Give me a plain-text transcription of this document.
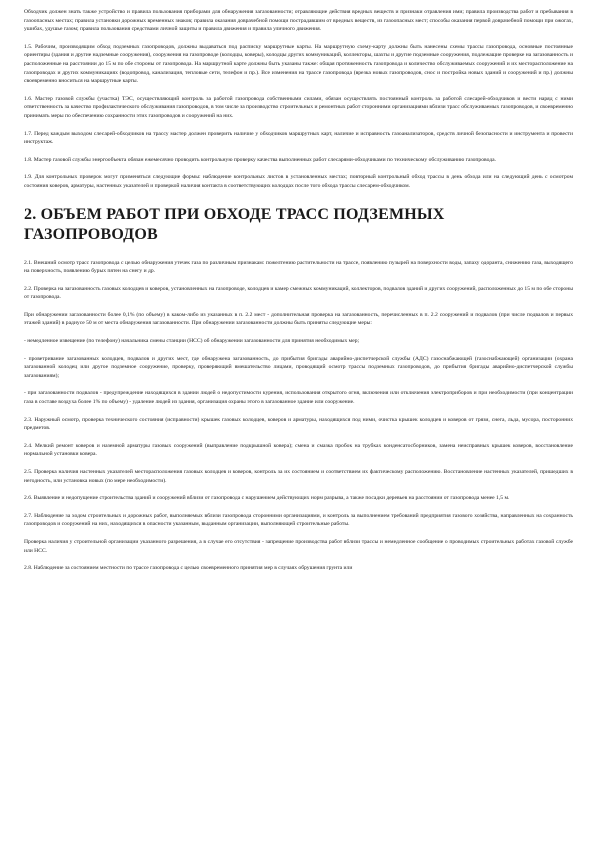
Обходчик должен знать также устройство и правила пользования приборами для обнаружения загазованности; отравляющие действия вредных веществ и признаки отравления ими; правила производства работ и пребывания в газоопасных местах; правила установки дорожных временных знаков; правила оказания доврачебной помощи пострадавшим от вредных веществ, из газоопасных мест; способы оказания первой доврачебной помощи при ожогах, ушибах, удушье газом; правила пользования средствами личной защиты и правила движения и правила уличного движения.

1.5. Рабочим, производящим обход подземных газопроводов, должны выдаваться под расписку маршрутные карты. На маршрутную схему-карту должны быть нанесены схемы трассы газопровода, основные постоянные ориентиры (здания и другие надземные сооружения), сооружения на газопроводе (колодцы, коверы), колодцы других коммуникаций, коллекторы, шахты и другие подземные сооружения, подлежащие проверке на загазованность и расположенные на расстоянии до 15 м по обе стороны от газопровода. На маршрутной карте должны быть указаны также: общая протяженность газопровода и количество обслуживаемых сооружений и их месторасположение на газопроводах и других коммуникациях (водопровод, канализация, тепловые сети, телефон и пр.). Все изменения на трассе газопровода (врезка новых газопроводов, снос и постройка новых зданий и сооружений и пр.) должны своевременно вноситься на маршрутные карты.

1.6. Мастер газовой службы (участка) ТЭС, осуществляющий контроль за работой газопровода собственными силами, обязан осуществлять постоянный контроль за работой слесарей-обходчиков и вести наряд с ними ответственность за качество профилактического обслуживания газопроводов, в том числе за производство строительных и ремонтных работ сторонними организациями вблизи трасс обслуживаемых газопроводов, и своевременно принимать меры по обеспечению сохранности этих газопроводов и сооружений на них.

1.7. Перед каждым выходом слесарей-обходчиков на трассу мастер должен проверить наличие у обходчиков маршрутных карт, наличие и исправность газоанализаторов, средств личной безопасности и инструмента и провести инструктаж.

1.8. Мастер газовой службы энергообъекта обязан ежемесячно проводить контрольную проверку качества выполненных работ слесарями-обходчиками по техническому обслуживанию газопровода.

1.9. Для контрольных проверок могут применяться следующие формы: наблюдение контрольных листов в установленных местах; повторный контрольный обход трассы в день обхода или на следующий день с осмотром состояния коверов, арматуры, настенных указателей и проверкой наличия контакта в соответствующих колодцах после того обхода трассы слесарем-обходчиком.

2. ОБЪЕМ РАБОТ ПРИ ОБХОДЕ ТРАСС ПОДЗЕМНЫХ ГАЗОПРОВОДОВ

2.1. Внешний осмотр трасс газопровода с целью обнаружения утечек газа по различным признакам: пожелтению растительности на трассе, появлению пузырей на поверхности воды, запаху одоранта, снижению газа, выходящего на поверхность, появлению бурых пятен на снегу и др.

2.2. Проверка на загазованность газовых колодцев и коверов, установленных на газопроводе, колодцев и камер смежных коммуникаций, коллекторов, подвалов зданий и других сооружений, расположенных до 15 м по обе стороны от газопровода.

При обнаружении загазованности более 0,1% (по объему) в каком-либо из указанных в п. 2.2 мест - дополнительная проверка на загазованность, перечисленных в п. 2.2 сооружений и подвалов (при числе подвалов и первых этажей зданий) в радиусе 50 м от места обнаружения загазованности. При обнаружении загазованности должны быть приняты следующие меры:

- немедленное извещение (по телефону) начальника смены станции (НСС) об обнаружении загазованности для принятия необходимых мер;

- проветривание загазованных колодцев, подвалов и других мест, где обнаружена загазованность, до прибытия бригады аварийно-диспетчерской службы (АДС) газоснабжающей (газоснабжающей) организации (охрана загазованной колодец или другое подземное сооружение, проверку, проверяющий вмешательство лицами, проводящий осмотр трассы подземных газопроводов, до прибытия бригады аварийно-диспетчерской службы загазованиям);

- при загазованности подвалов - предупреждение находящихся в здании людей о недопустимости курения, использования открытого огня, включения или отключения электроприборов и при необходимости (при концентрации газа в составе воздуха более 1% по объему) - удаление людей из здания, организация охраны этого в загазованное здание или сооружение.

2.3. Наружный осмотр, проверка технического состояния (исправности) крышек газовых колодцев, коверов и арматуры, находящихся под ними, очистка крышек колодцев и коверов от грязи, снега, льда, мусора, посторонних предметов.

2.4. Мелкий ремонт коверов и наземной арматуры газовых сооружений (выправление подкрышной ковера); смена и смазка пробок на трубках конденсатосборников, замена неисправных крышек коверов, восстановление нормальной установки ковера.

2.5. Проверка наличия настенных указателей месторасположения газовых колодцев и коверов, контроль за их состоянием и соответствием их фактическому расположению. Восстановление настенных указателей, пришедших в негодность, или установка новых (по мере необходимости).

2.6. Выявление и недопущение строительства зданий и сооружений вблизи от газопровода с нарушением действующих норм разрыва, а также посадки деревьев на расстоянии от газопровода менее 1,5 м.

2.7. Наблюдение за ходом строительных и дорожных работ, выполняемых вблизи газопровода сторонними организациями, и контроль за выполнением требований предприятия газового хозяйства, направленных на сохранность газопроводов и сооружений на них, находящихся в опасности указанным, выданным организации, выполняющей строительные работы.

Проверка наличия у строительной организации указанного разрешения, а в случае его отсутствия - запрещение производства работ вблизи трассы и немедленное сообщение о проводимых строительных работах газовой службе или НСС.

2.8. Наблюдение за состоянием местности по трассе газопровода с целью своевременного принятия мер в случаях обрушения грунта или
